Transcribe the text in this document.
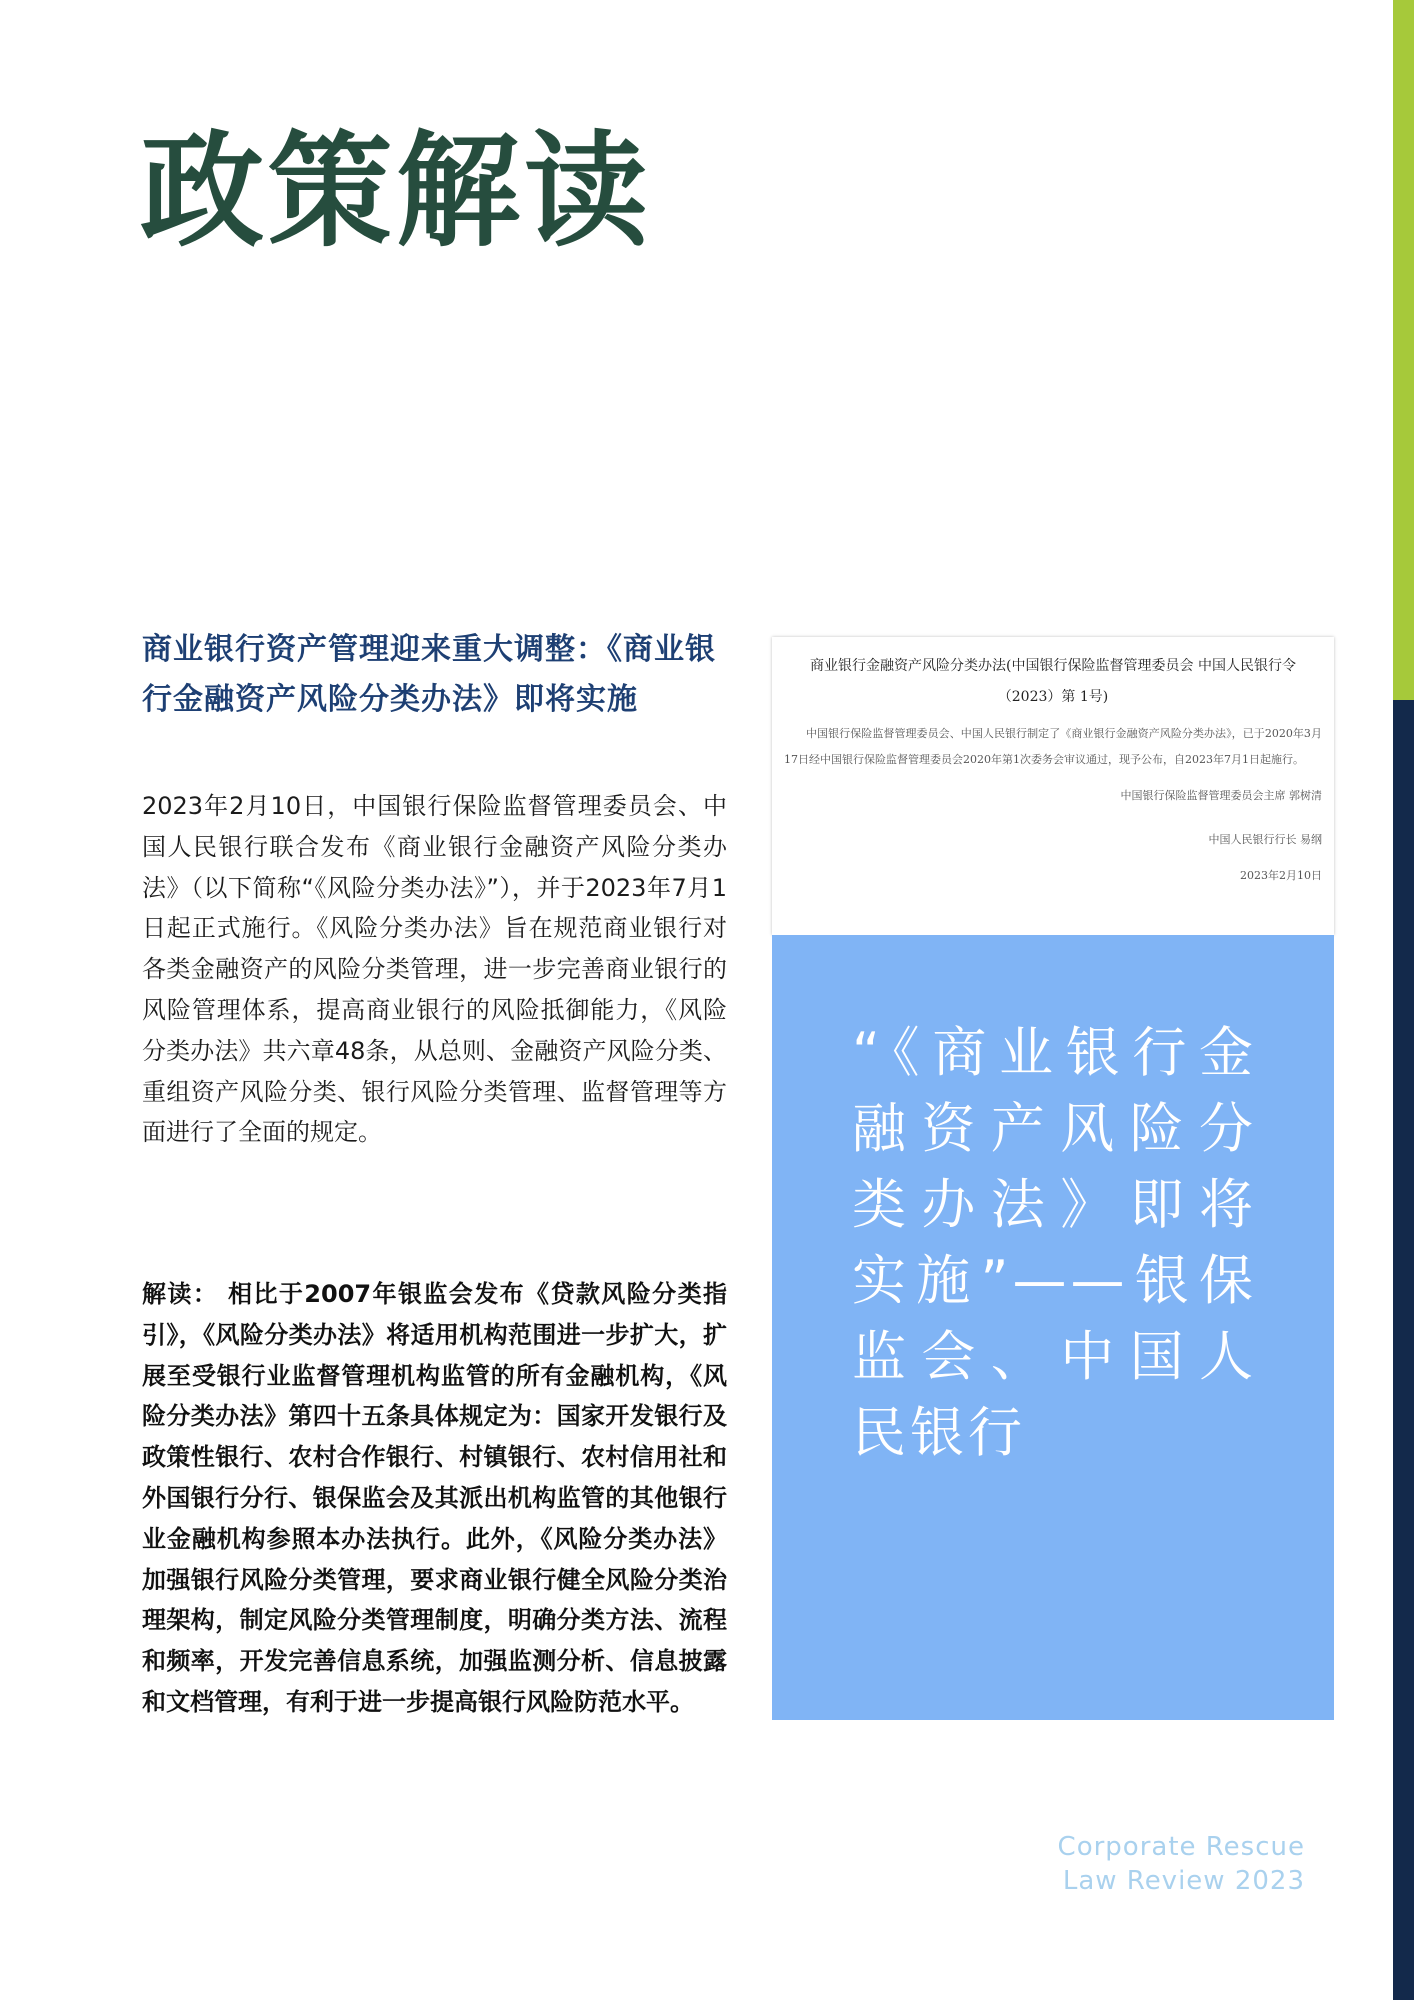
政策解读
商业银行资产管理迎来重大调整：《商业银行金融资产风险分类办法》即将实施

2023年2月10日，中国银行保险监督管理委员会、中国人民银行联合发布《商业银行金融资产风险分类办法》（以下简称“《风险分类办法》”），并于2023年7月1日起正式施行。《风险分类办法》旨在规范商业银行对各类金融资产的风险分类管理，进一步完善商业银行的风险管理体系，提高商业银行的风险抵御能力，《风险分类办法》共六章48条，从总则、金融资产风险分类、重组资产风险分类、银行风险分类管理、监督管理等方面进行了全面的规定。

解读： 相比于2007年银监会发布《贷款风险分类指引》，《风险分类办法》将适用机构范围进一步扩大，扩展至受银行业监督管理机构监管的所有金融机构，《风险分类办法》第四十五条具体规定为：国家开发银行及政策性银行、农村合作银行、村镇银行、农村信用社和外国银行分行、银保监会及其派出机构监管的其他银行业金融机构参照本办法执行。此外，《风险分类办法》加强银行风险分类管理，要求商业银行健全风险分类治理架构，制定风险分类管理制度，明确分类方法、流程和频率，开发完善信息系统，加强监测分析、信息披露和文档管理，有利于进一步提高银行风险防范水平。

商业银行金融资产风险分类办法(中国银行保险监督管理委员会 中国人民银行令（2023）第 1号)
中国银行保险监督管理委员会、中国人民银行制定了《商业银行金融资产风险分类办法》，已于2020年3月17日经中国银行保险监督管理委员会2020年第1次委务会审议通过，现予公布，自2023年7月1日起施行。
中国银行保险监督管理委员会主席 郭树清
中国人民银行行长 易纲
2023年2月10日

“《商业银行金融资产风险分类办法》即将实施”——银保监会、中国人民银行

Corporate Rescue
Law Review 2023
